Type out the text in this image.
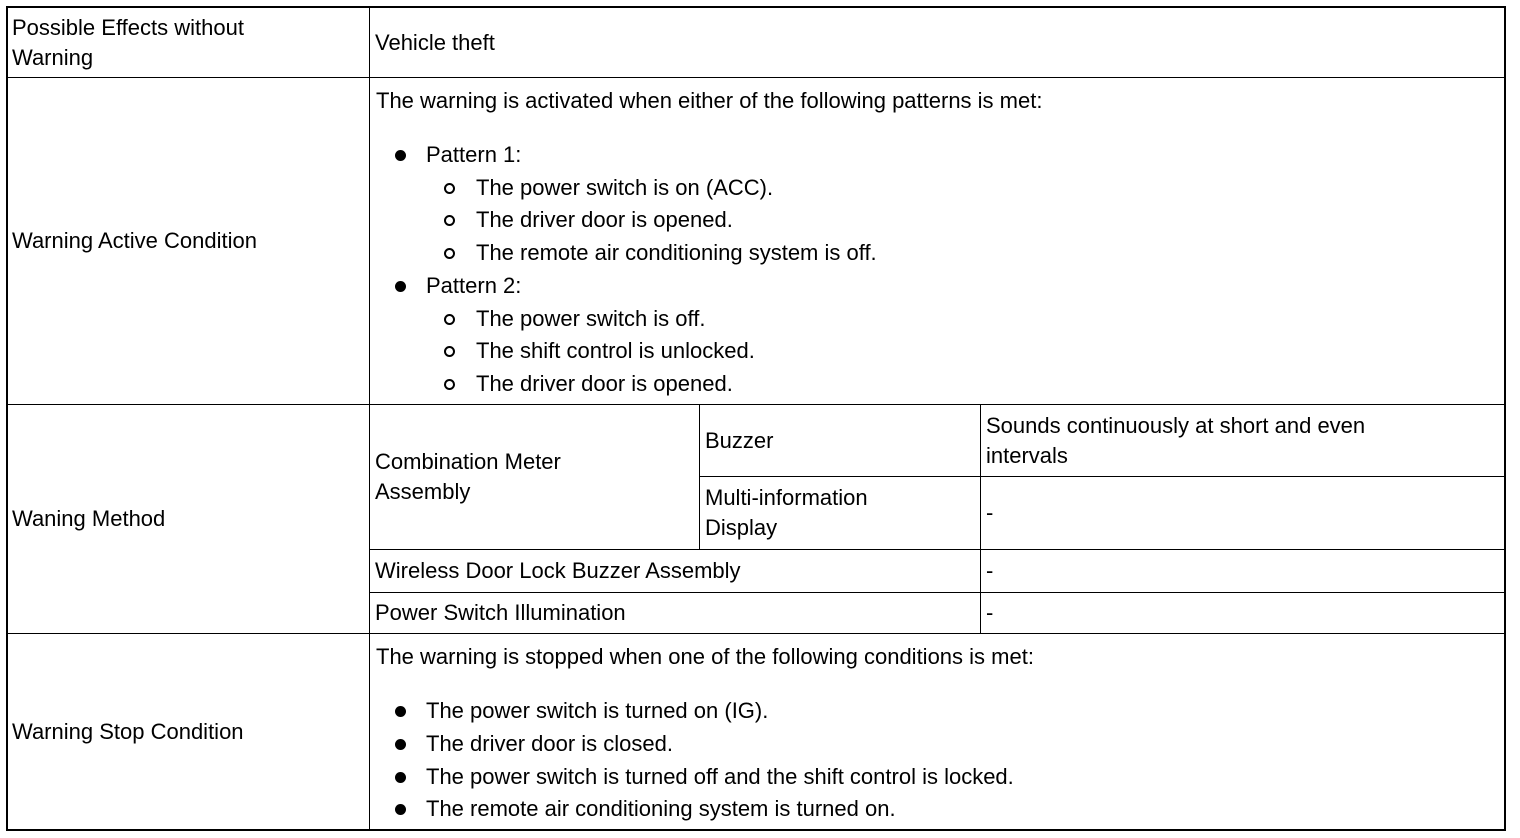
Possible Effects without Warning
Vehicle theft
Warning Active Condition
The warning is activated when either of the following patterns is met:
Pattern 1:
The power switch is on (ACC).
The driver door is opened.
The remote air conditioning system is off.
Pattern 2:
The power switch is off.
The shift control is unlocked.
The driver door is opened.
Waning Method
Combination Meter Assembly
Buzzer
Sounds continuously at short and even intervals
Multi-information Display
-
Wireless Door Lock Buzzer Assembly	-
Power Switch Illumination	-
Warning Stop Condition
The warning is stopped when one of the following conditions is met:
The power switch is turned on (IG).
The driver door is closed.
The power switch is turned off and the shift control is locked.
The remote air conditioning system is turned on.
